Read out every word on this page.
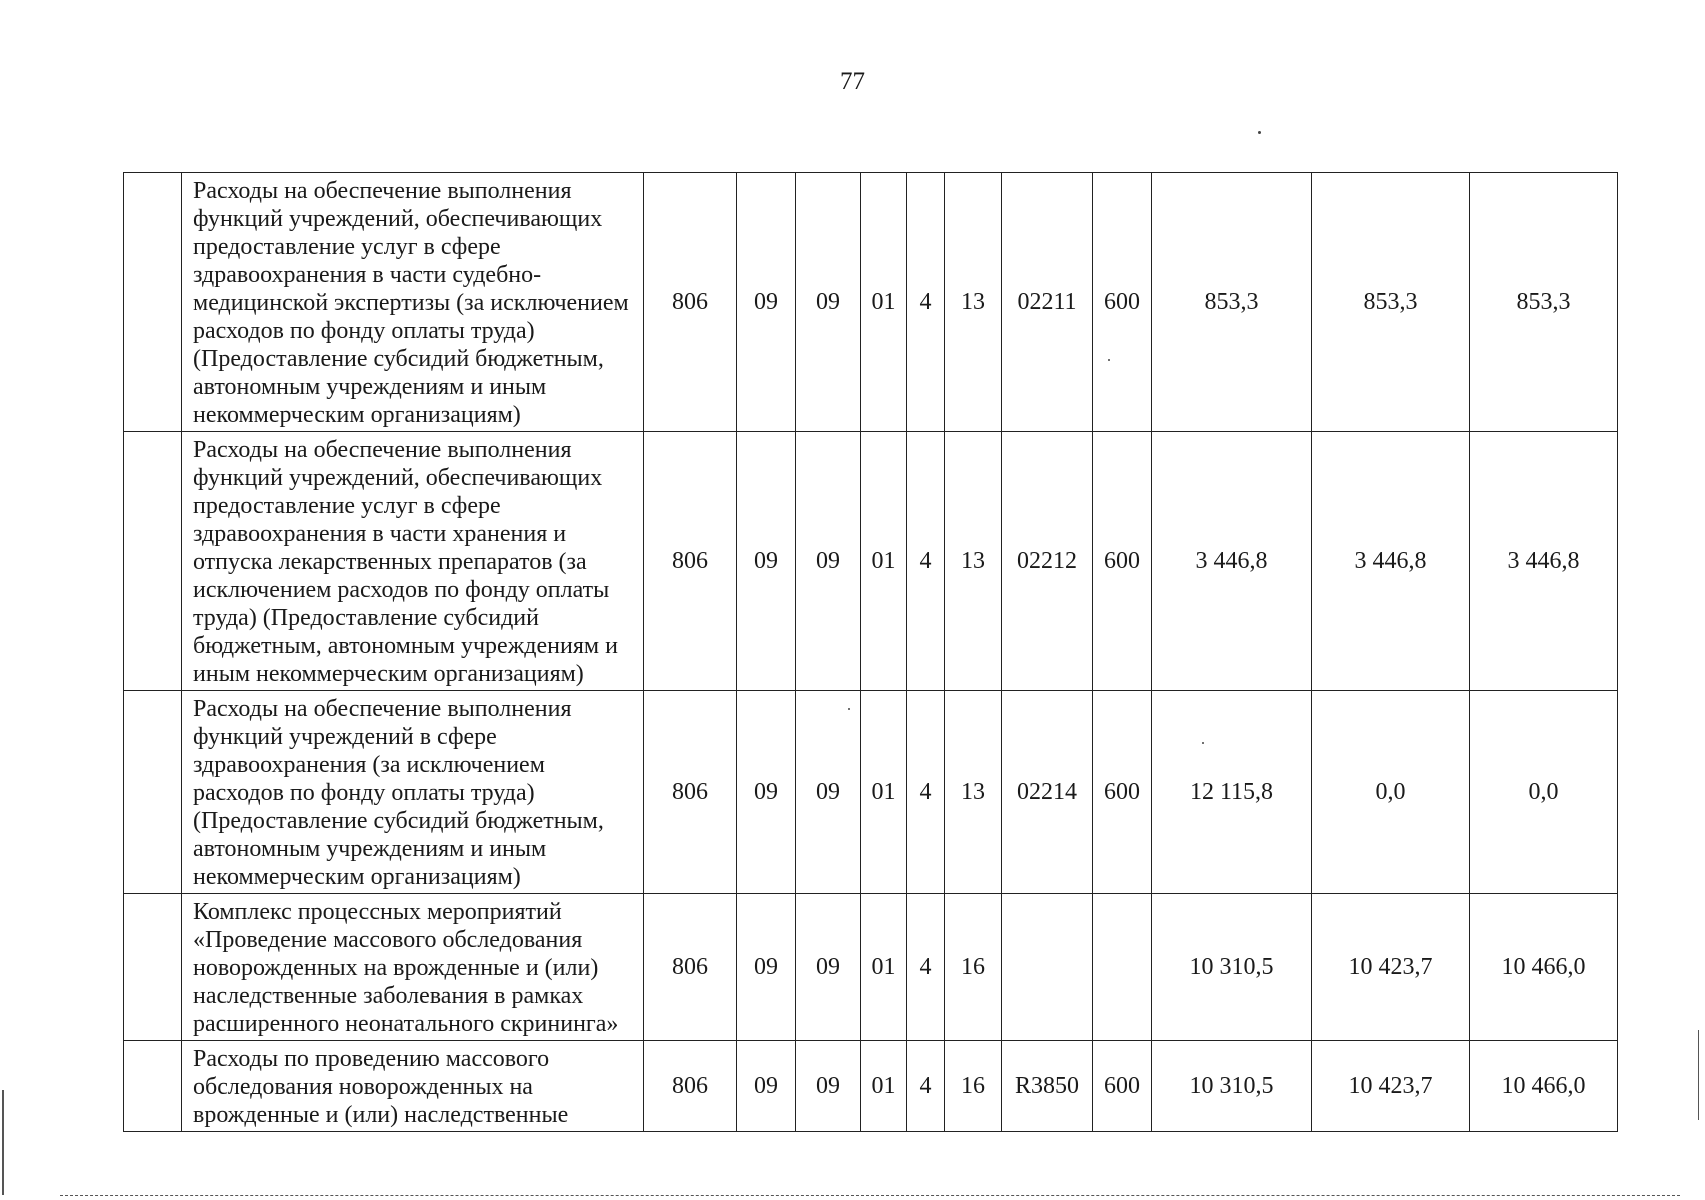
77
	Расходы на обеспечение выполнения функций учреждений, обеспечивающих предоставление услуг в сфере здравоохранения в части судебно-медицинской экспертизы (за исключением расходов по фонду оплаты труда) (Предоставление субсидий бюджетным, автономным учреждениям и иным некоммерческим организациям)	806	09	09	01	4	13	02211	600	853,3	853,3	853,3
	Расходы на обеспечение выполнения функций учреждений, обеспечивающих предоставление услуг в сфере здравоохранения в части хранения и отпуска лекарственных препаратов (за исключением расходов по фонду оплаты труда) (Предоставление субсидий бюджетным, автономным учреждениям и иным некоммерческим организациям)	806	09	09	01	4	13	02212	600	3 446,8	3 446,8	3 446,8
	Расходы на обеспечение выполнения функций учреждений в сфере здравоохранения (за исключением расходов по фонду оплаты труда) (Предоставление субсидий бюджетным, автономным учреждениям и иным некоммерческим организациям)	806	09	09	01	4	13	02214	600	12 115,8	0,0	0,0
	Комплекс процессных мероприятий «Проведение массового обследования новорожденных на врожденные и (или) наследственные заболевания в рамках расширенного неонатального скрининга»	806	09	09	01	4	16			10 310,5	10 423,7	10 466,0
	Расходы по проведению массового обследования новорожденных на врожденные и (или) наследственные	806	09	09	01	4	16	R3850	600	10 310,5	10 423,7	10 466,0
